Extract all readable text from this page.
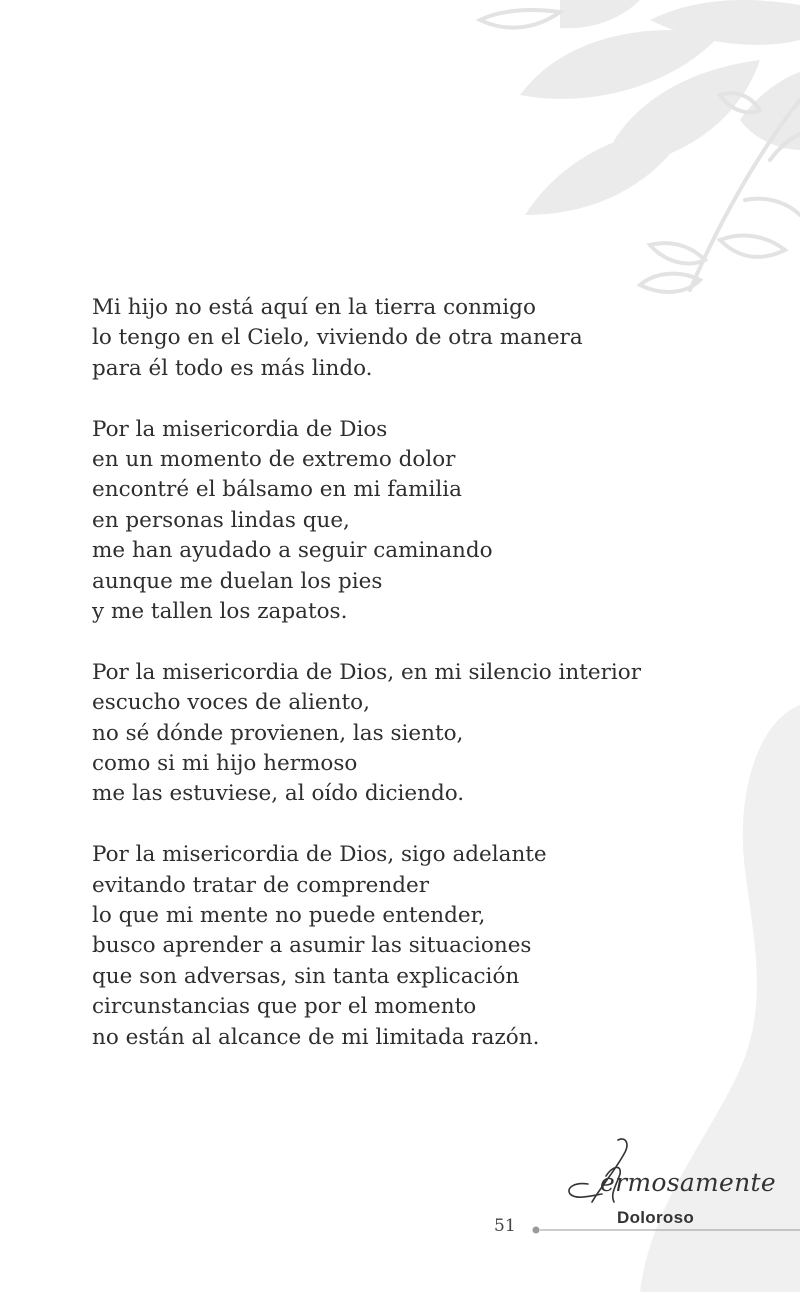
Mi hijo no está aquí en la tierra conmigo
lo tengo en el Cielo, viviendo de otra manera
para él todo es más lindo.
Por la misericordia de Dios
en un momento de extremo dolor
encontré el bálsamo en mi familia
en personas lindas que,
me han ayudado a seguir caminando
aunque me duelan los pies
y me tallen los zapatos.
Por la misericordia de Dios, en mi silencio interior
escucho voces de aliento,
no sé dónde provienen, las siento,
como si mi hijo hermoso
me las estuviese, al oído diciendo.
Por la misericordia de Dios, sigo adelante
evitando tratar de comprender
lo que mi mente no puede entender,
busco aprender a asumir las situaciones
que son adversas, sin tanta explicación
circunstancias que por el momento
no están al alcance de mi limitada razón.
51
ermosamente
Doloroso
